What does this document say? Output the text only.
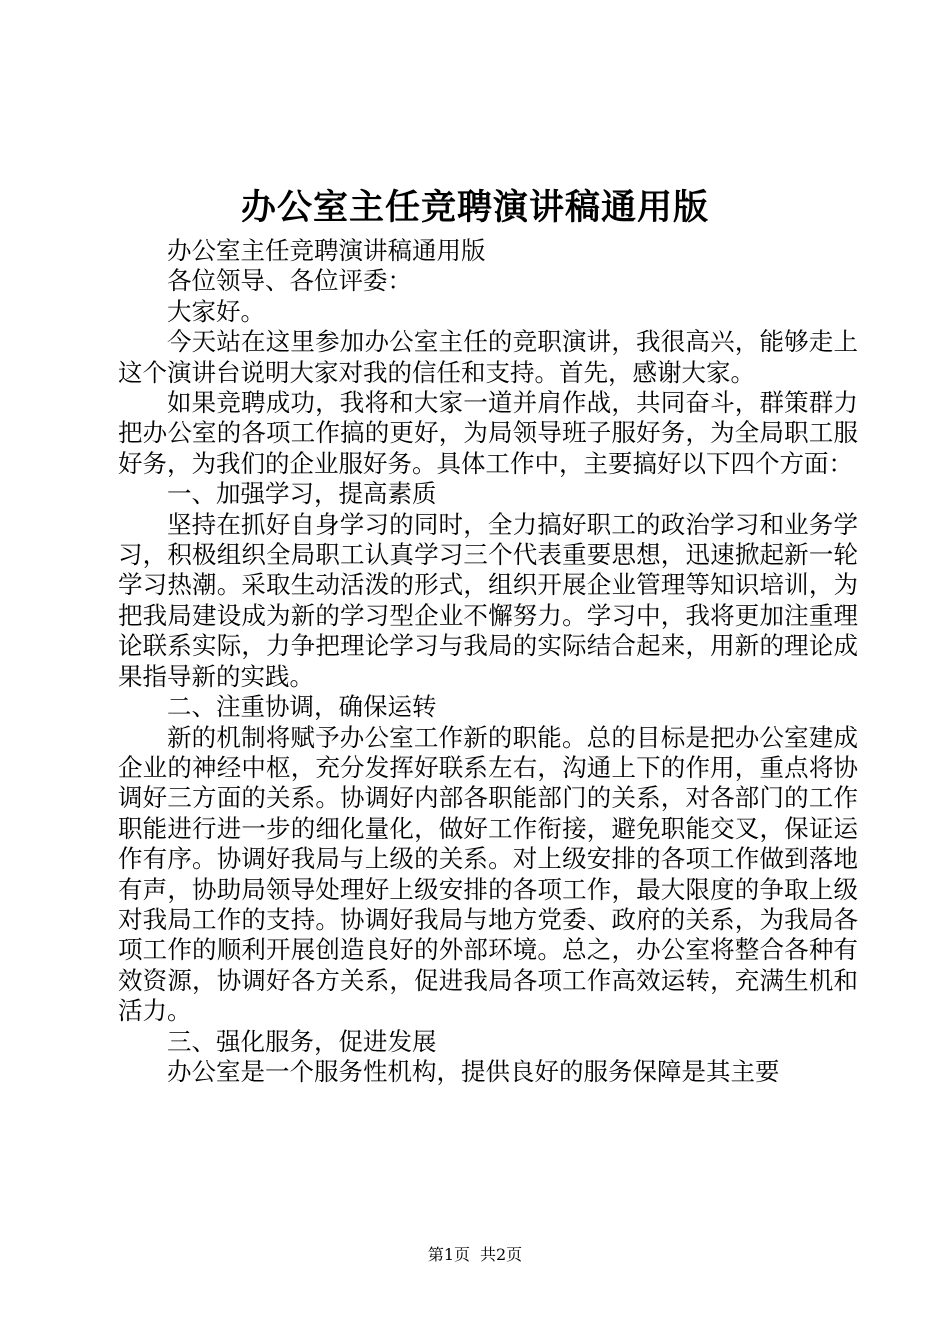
办公室主任竞聘演讲稿通用版

办公室主任竞聘演讲稿通用版

各位领导、各位评委：

大家好。

今天站在这里参加办公室主任的竞职演讲，我很高兴，能够走上这个演讲台说明大家对我的信任和支持。首先，感谢大家。

如果竞聘成功，我将和大家一道并肩作战，共同奋斗，群策群力把办公室的各项工作搞的更好，为局领导班子服好务，为全局职工服好务，为我们的企业服好务。具体工作中，主要搞好以下四个方面：

一、加强学习，提高素质

坚持在抓好自身学习的同时，全力搞好职工的政治学习和业务学习，积极组织全局职工认真学习三个代表重要思想，迅速掀起新一轮学习热潮。采取生动活泼的形式，组织开展企业管理等知识培训，为把我局建设成为新的学习型企业不懈努力。学习中，我将更加注重理论联系实际，力争把理论学习与我局的实际结合起来，用新的理论成果指导新的实践。

二、注重协调，确保运转

新的机制将赋予办公室工作新的职能。总的目标是把办公室建成企业的神经中枢，充分发挥好联系左右，沟通上下的作用，重点将协调好三方面的关系。协调好内部各职能部门的关系，对各部门的工作职能进行进一步的细化量化，做好工作衔接，避免职能交叉，保证运作有序。协调好我局与上级的关系。对上级安排的各项工作做到落地有声，协助局领导处理好上级安排的各项工作，最大限度的争取上级对我局工作的支持。协调好我局与地方党委、政府的关系，为我局各项工作的顺利开展创造良好的外部环境。总之，办公室将整合各种有效资源，协调好各方关系，促进我局各项工作高效运转，充满生机和活力。

三、强化服务，促进发展

办公室是一个服务性机构，提供良好的服务保障是其主要

第1页 共2页
